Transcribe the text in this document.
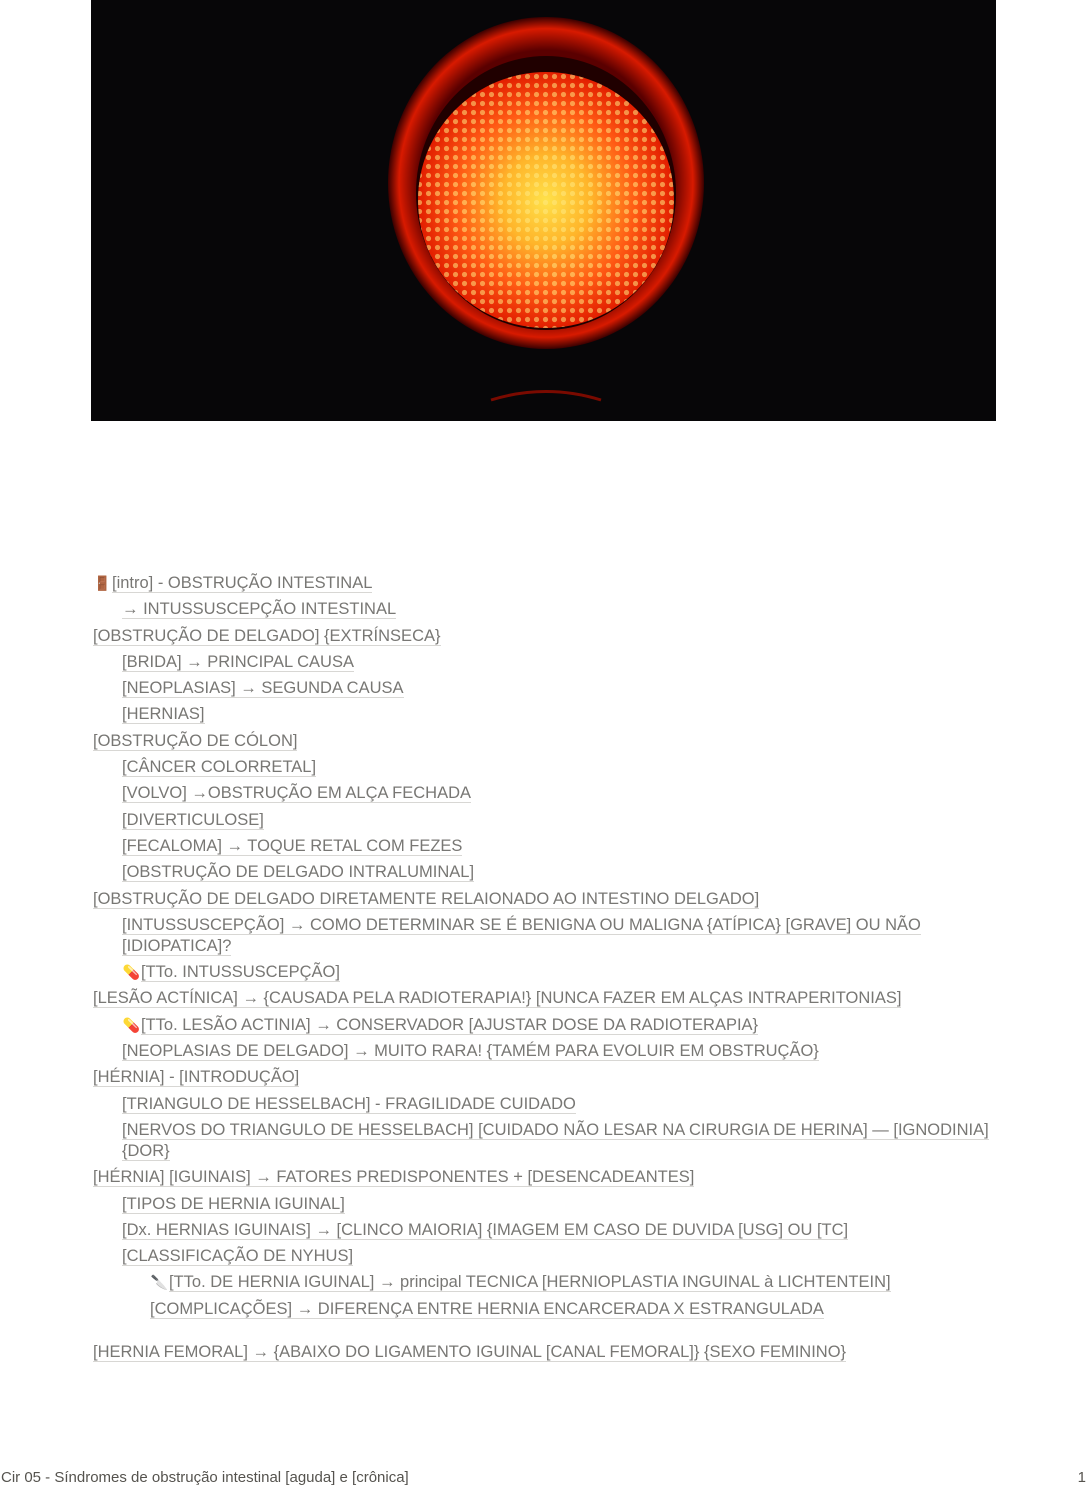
🚪[intro] - OBSTRUÇÃO INTESTINAL
→ INTUSSUSCEPÇÃO INTESTINAL
[OBSTRUÇÃO DE DELGADO] {EXTRÍNSECA}
[BRIDA] → PRINCIPAL CAUSA
[NEOPLASIAS] → SEGUNDA CAUSA
[HERNIAS]
[OBSTRUÇÃO DE CÓLON]
[CÂNCER COLORRETAL]
[VOLVO] →OBSTRUÇÃO EM ALÇA FECHADA
[DIVERTICULOSE]
[FECALOMA] → TOQUE RETAL COM FEZES
[OBSTRUÇÃO DE DELGADO INTRALUMINAL]
[OBSTRUÇÃO DE DELGADO DIRETAMENTE RELAIONADO AO INTESTINO DELGADO]
[INTUSSUSCEPÇÃO] → COMO DETERMINAR SE É BENIGNA OU MALIGNA {ATÍPICA} [GRAVE] OU NÃO [IDIOPATICA]?
💊[TTo. INTUSSUSCEPÇÃO]
[LESÃO ACTÍNICA] → {CAUSADA PELA RADIOTERAPIA!} [NUNCA FAZER EM ALÇAS INTRAPERITONIAS]
💊[TTo. LESÃO ACTINIA] → CONSERVADOR [AJUSTAR DOSE DA RADIOTERAPIA}
[NEOPLASIAS DE DELGADO] → MUITO RARA! {TAMÉM PARA EVOLUIR EM OBSTRUÇÃO}
[HÉRNIA] - [INTRODUÇÃO]
[TRIANGULO DE HESSELBACH] - FRAGILIDADE CUIDADO
[NERVOS DO TRIANGULO DE HESSELBACH] [CUIDADO NÃO LESAR NA CIRURGIA DE HERINA] — [IGNODINIA] {DOR}
[HÉRNIA] [IGUINAIS] → FATORES PREDISPONENTES + [DESENCADEANTES]
[TIPOS DE HERNIA IGUINAL]
[Dx. HERNIAS IGUINAIS] → [CLINCO MAIORIA] {IMAGEM EM CASO DE DUVIDA [USG] OU [TC]
[CLASSIFICAÇÃO DE NYHUS]
🔪[TTo. DE HERNIA IGUINAL] → principal TECNICA [HERNIOPLASTIA INGUINAL à LICHTENTEIN]
[COMPLICAÇÕES] → DIFERENÇA ENTRE HERNIA ENCARCERADA X ESTRANGULADA
[HERNIA FEMORAL] → {ABAIXO DO LIGAMENTO IGUINAL [CANAL FEMORAL]} {SEXO FEMININO}
Cir 05 - Síndromes de obstrução intestinal [aguda] e [crônica]	1
